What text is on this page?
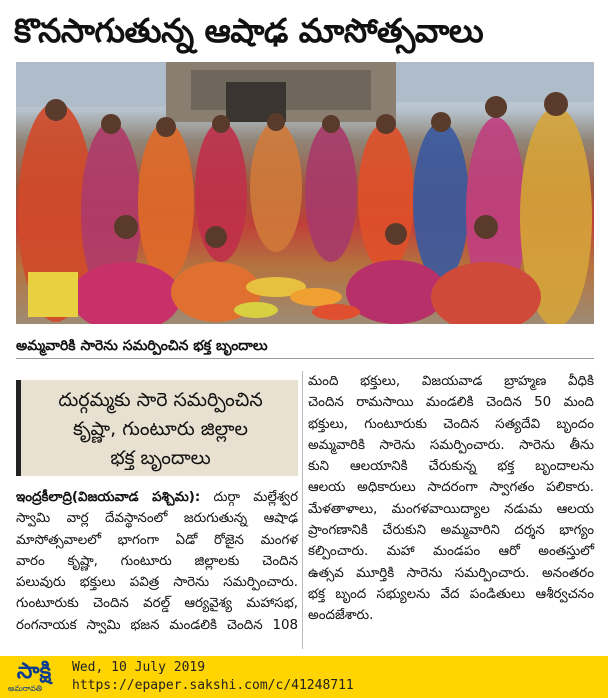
కొనసాగుతున్న ఆషాఢ మాసోత్సవాలు
అమ్మవారికి సారెను సమర్పించిన భక్త బృందాలు
దుర్గమ్మకు సారె సమర్పించిన
కృష్ణా, గుంటూరు జిల్లాల
భక్త బృందాలు
ఇంద్రకీలాద్రి(విజయవాడ పశ్చిమ): దుర్గా మల్లేశ్వర
స్వామి వార్ల దేవస్థానంలో జరుగుతున్న ఆషాఢ
మాసోత్సవాలలో భాగంగా ఏడో రోజైన మంగళ
వారం కృష్ణా, గుంటూరు జిల్లాలకు చెందిన
పలువురు భక్తులు పవిత్ర సారెను సమర్పించారు.
గుంటూరుకు చెందిన వరల్డ్ ఆర్యవైశ్య మహాసభ,
రంగనాయక స్వామి భజన మండలికి చెందిన 108
మంది భక్తులు, విజయవాడ బ్రాహ్మణ వీధికి
చెందిన రామసాయి మండలికి చెందిన 50 మంది
భక్తులు, గుంటూరుకు చెందిన సత్యదేవి బృందం
అమ్మవారికి సారెను సమర్పించారు. సారెను తీను
కుని ఆలయానికి చేరుకున్న భక్త బృందాలను
ఆలయ అధికారులు సాదరంగా స్వాగతం పలికారు.
మేళతాళాలు, మంగళవాయిద్యాల నడుమ ఆలయ
ప్రాంగణానికి చేరుకుని అమ్మవారిని దర్శన భాగ్యం
కల్పించారు. మహా మండపం ఆరో అంతస్తులో
ఉత్సవ మూర్తికి సారెను సమర్పించారు. అనంతరం
భక్త బృంద సభ్యులను వేద పండితులు ఆశీర్వచనం
అందజేశారు.
సాక్షి
అమరావతి
Wed, 10 July 2019
https://epaper.sakshi.com/c/41248711
